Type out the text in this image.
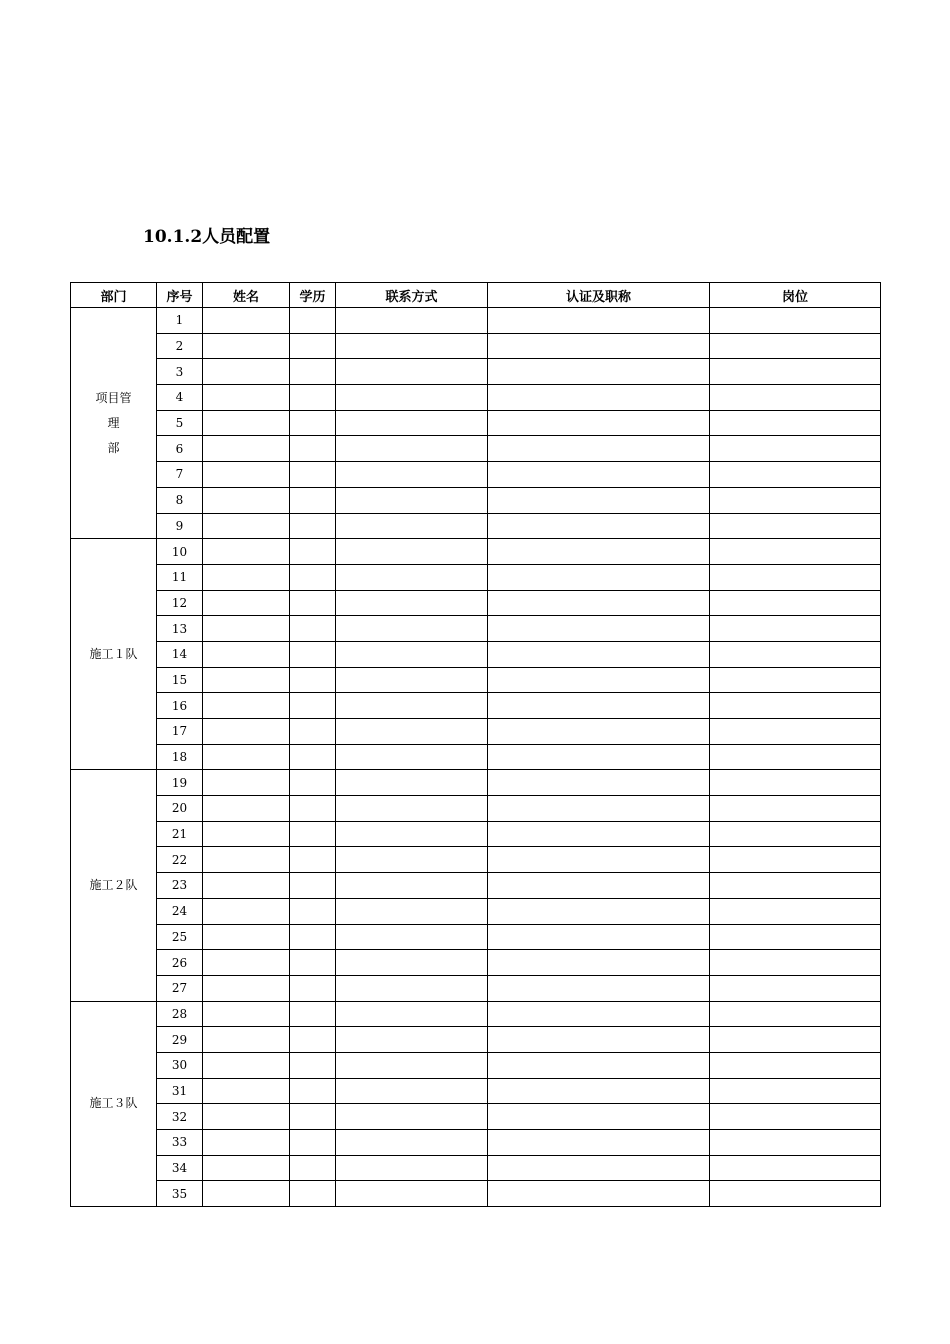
10.1.2人员配置
部门	序号	姓名	学历	联系方式	认证及职称	岗位

项目管
理
部	1					
	2					
	3					
	4					
	5					
	6					
	7					
	8					
	9					

施工１队	10					
	11					
	12					
	13					
	14					
	15					
	16					
	17					
	18					

施工２队	19					
	20					
	21					
	22					
	23					
	24					
	25					
	26					
	27					

施工３队	28					
	29					
	30					
	31					
	32					
	33					
	34					
	35					
